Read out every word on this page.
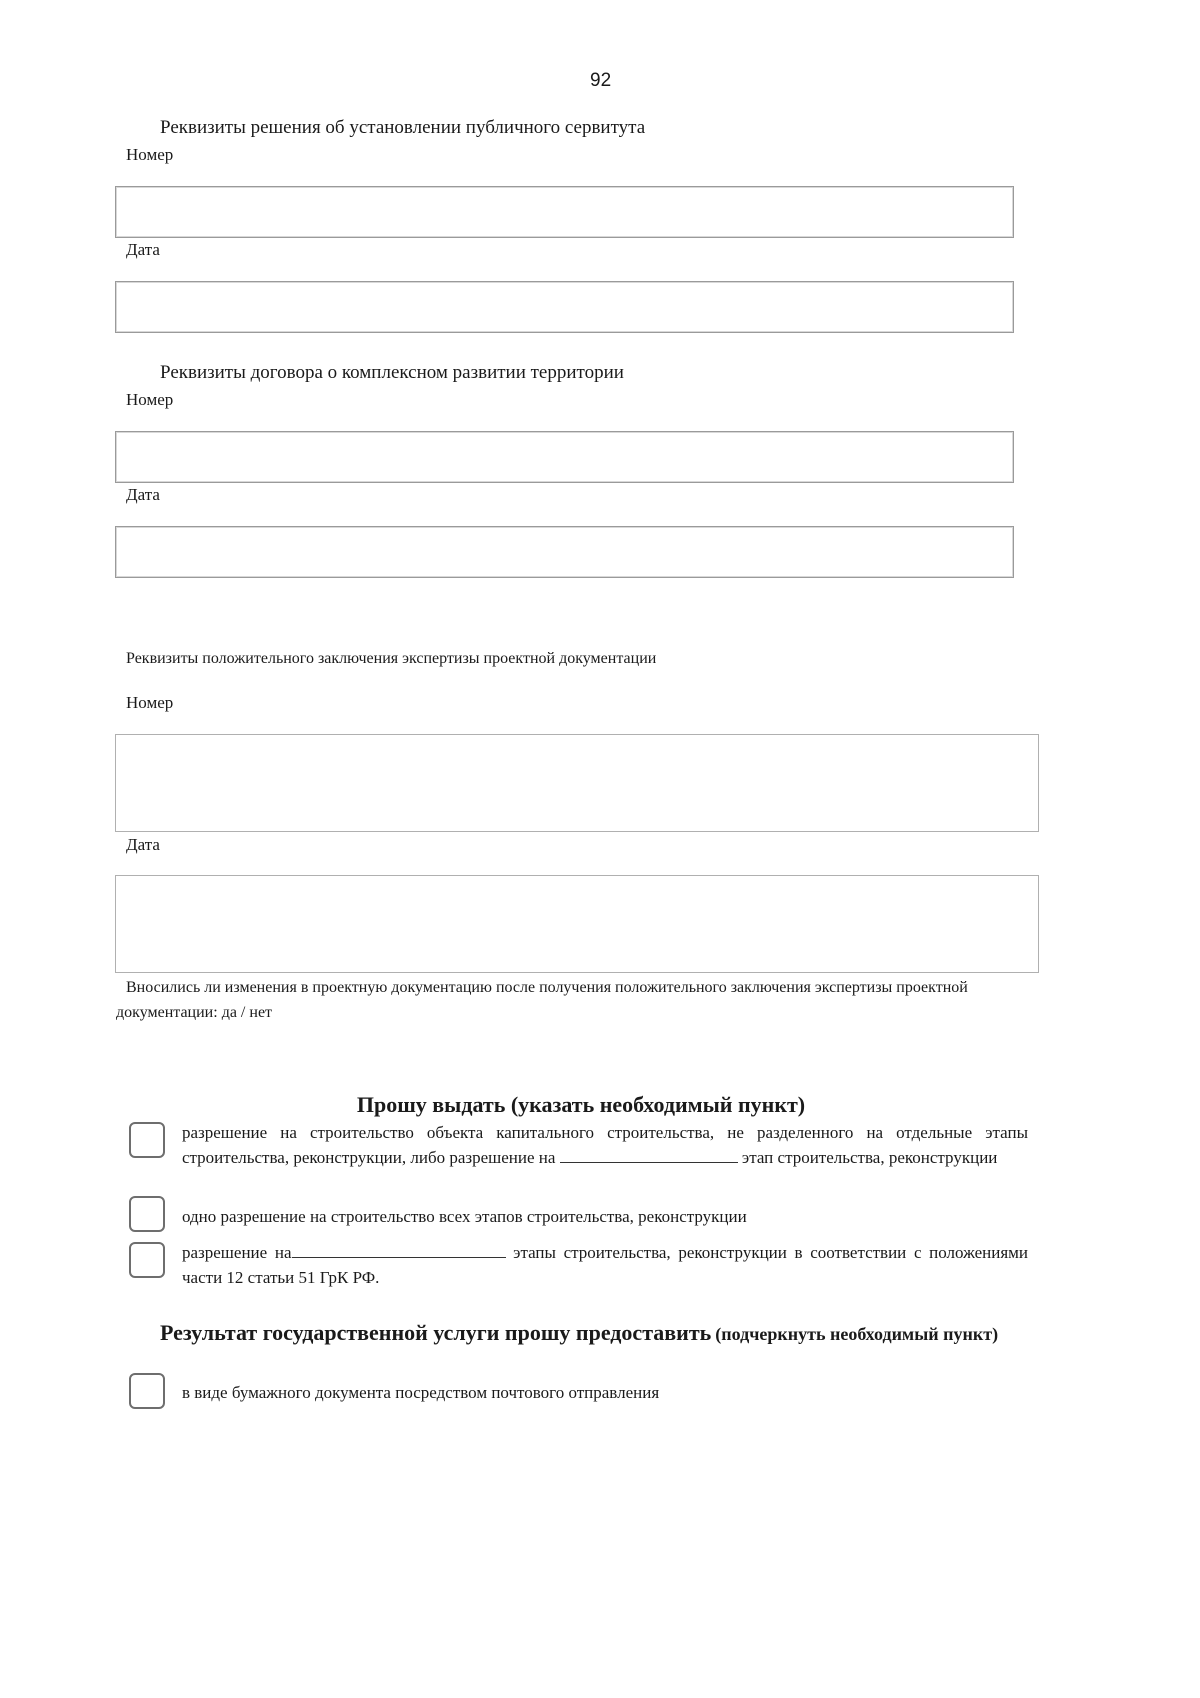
92
Реквизиты решения об установлении публичного сервитута
Номер
Дата
Реквизиты договора о комплексном развитии территории
Номер
Дата
Реквизиты положительного заключения экспертизы проектной документации
Номер
Дата
Вносились ли изменения в проектную документацию после получения положительного заключения экспертизы проектной документации: да / нет
Прошу выдать (указать необходимый пункт)
разрешение на строительство объекта капитального строительства, не разделенного на отдельные этапы строительства, реконструкции, либо разрешение на	этап строительства, реконструкции
одно разрешение на строительство всех этапов строительства, реконструкции
разрешение на	этапы строительства, реконструкции в соответствии с положениями части 12 статьи 51 ГрК РФ.
Результат государственной услуги прошу предоставить (подчеркнуть необходимый пункт)
в виде бумажного документа посредством почтового отправления
